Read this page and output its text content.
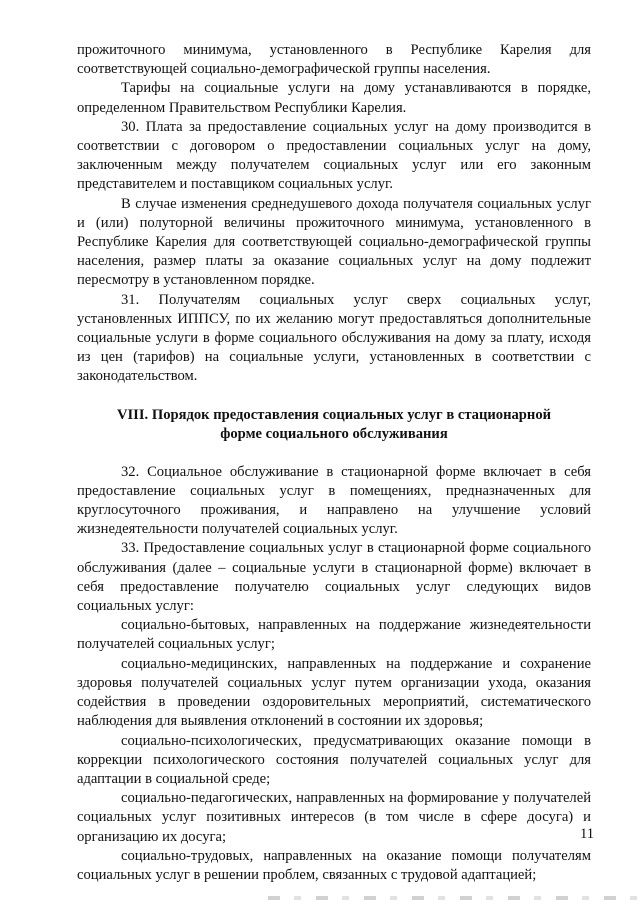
прожиточного минимума, установленного в Республике Карелия для соответствующей социально-демографической группы населения.

Тарифы на социальные услуги на дому устанавливаются в порядке, определенном Правительством Республики Карелия.

30. Плата за предоставление социальных услуг на дому производится в соответствии с договором о предоставлении социальных услуг на дому, заключенным между получателем социальных услуг или его законным представителем и поставщиком социальных услуг.

В случае изменения среднедушевого дохода получателя социальных услуг и (или) полуторной величины прожиточного минимума, установленного в Республике Карелия для соответствующей социально-демографической группы населения, размер платы за оказание социальных услуг на дому подлежит пересмотру в установленном порядке.

31. Получателям социальных услуг сверх социальных услуг, установленных ИППСУ, по их желанию могут предоставляться дополнительные социальные услуги в форме социального обслуживания на дому за плату, исходя из цен (тарифов) на социальные услуги, установленных в соответствии с законодательством.

VIII. Порядок предоставления социальных услуг в стационарной
форме социального обслуживания

32. Социальное обслуживание в стационарной форме включает в себя предоставление социальных услуг в помещениях, предназначенных для круглосуточного проживания, и направлено на улучшение условий жизнедеятельности получателей социальных услуг.

33. Предоставление социальных услуг в стационарной форме социального обслуживания (далее – социальные услуги в стационарной форме) включает в себя предоставление получателю социальных услуг следующих видов социальных услуг:

социально-бытовых, направленных на поддержание жизнедеятельности получателей социальных услуг;

социально-медицинских, направленных на поддержание и сохранение здоровья получателей социальных услуг путем организации ухода, оказания содействия в проведении оздоровительных мероприятий, систематического наблюдения для выявления отклонений в состоянии их здоровья;

социально-психологических, предусматривающих оказание помощи в коррекции психологического состояния получателей социальных услуг для адаптации в социальной среде;

социально-педагогических, направленных на формирование у получателей социальных услуг позитивных интересов (в том числе в сфере досуга) и организацию их досуга;

социально-трудовых, направленных на оказание помощи получателям социальных услуг в решении проблем, связанных с трудовой адаптацией;

11
